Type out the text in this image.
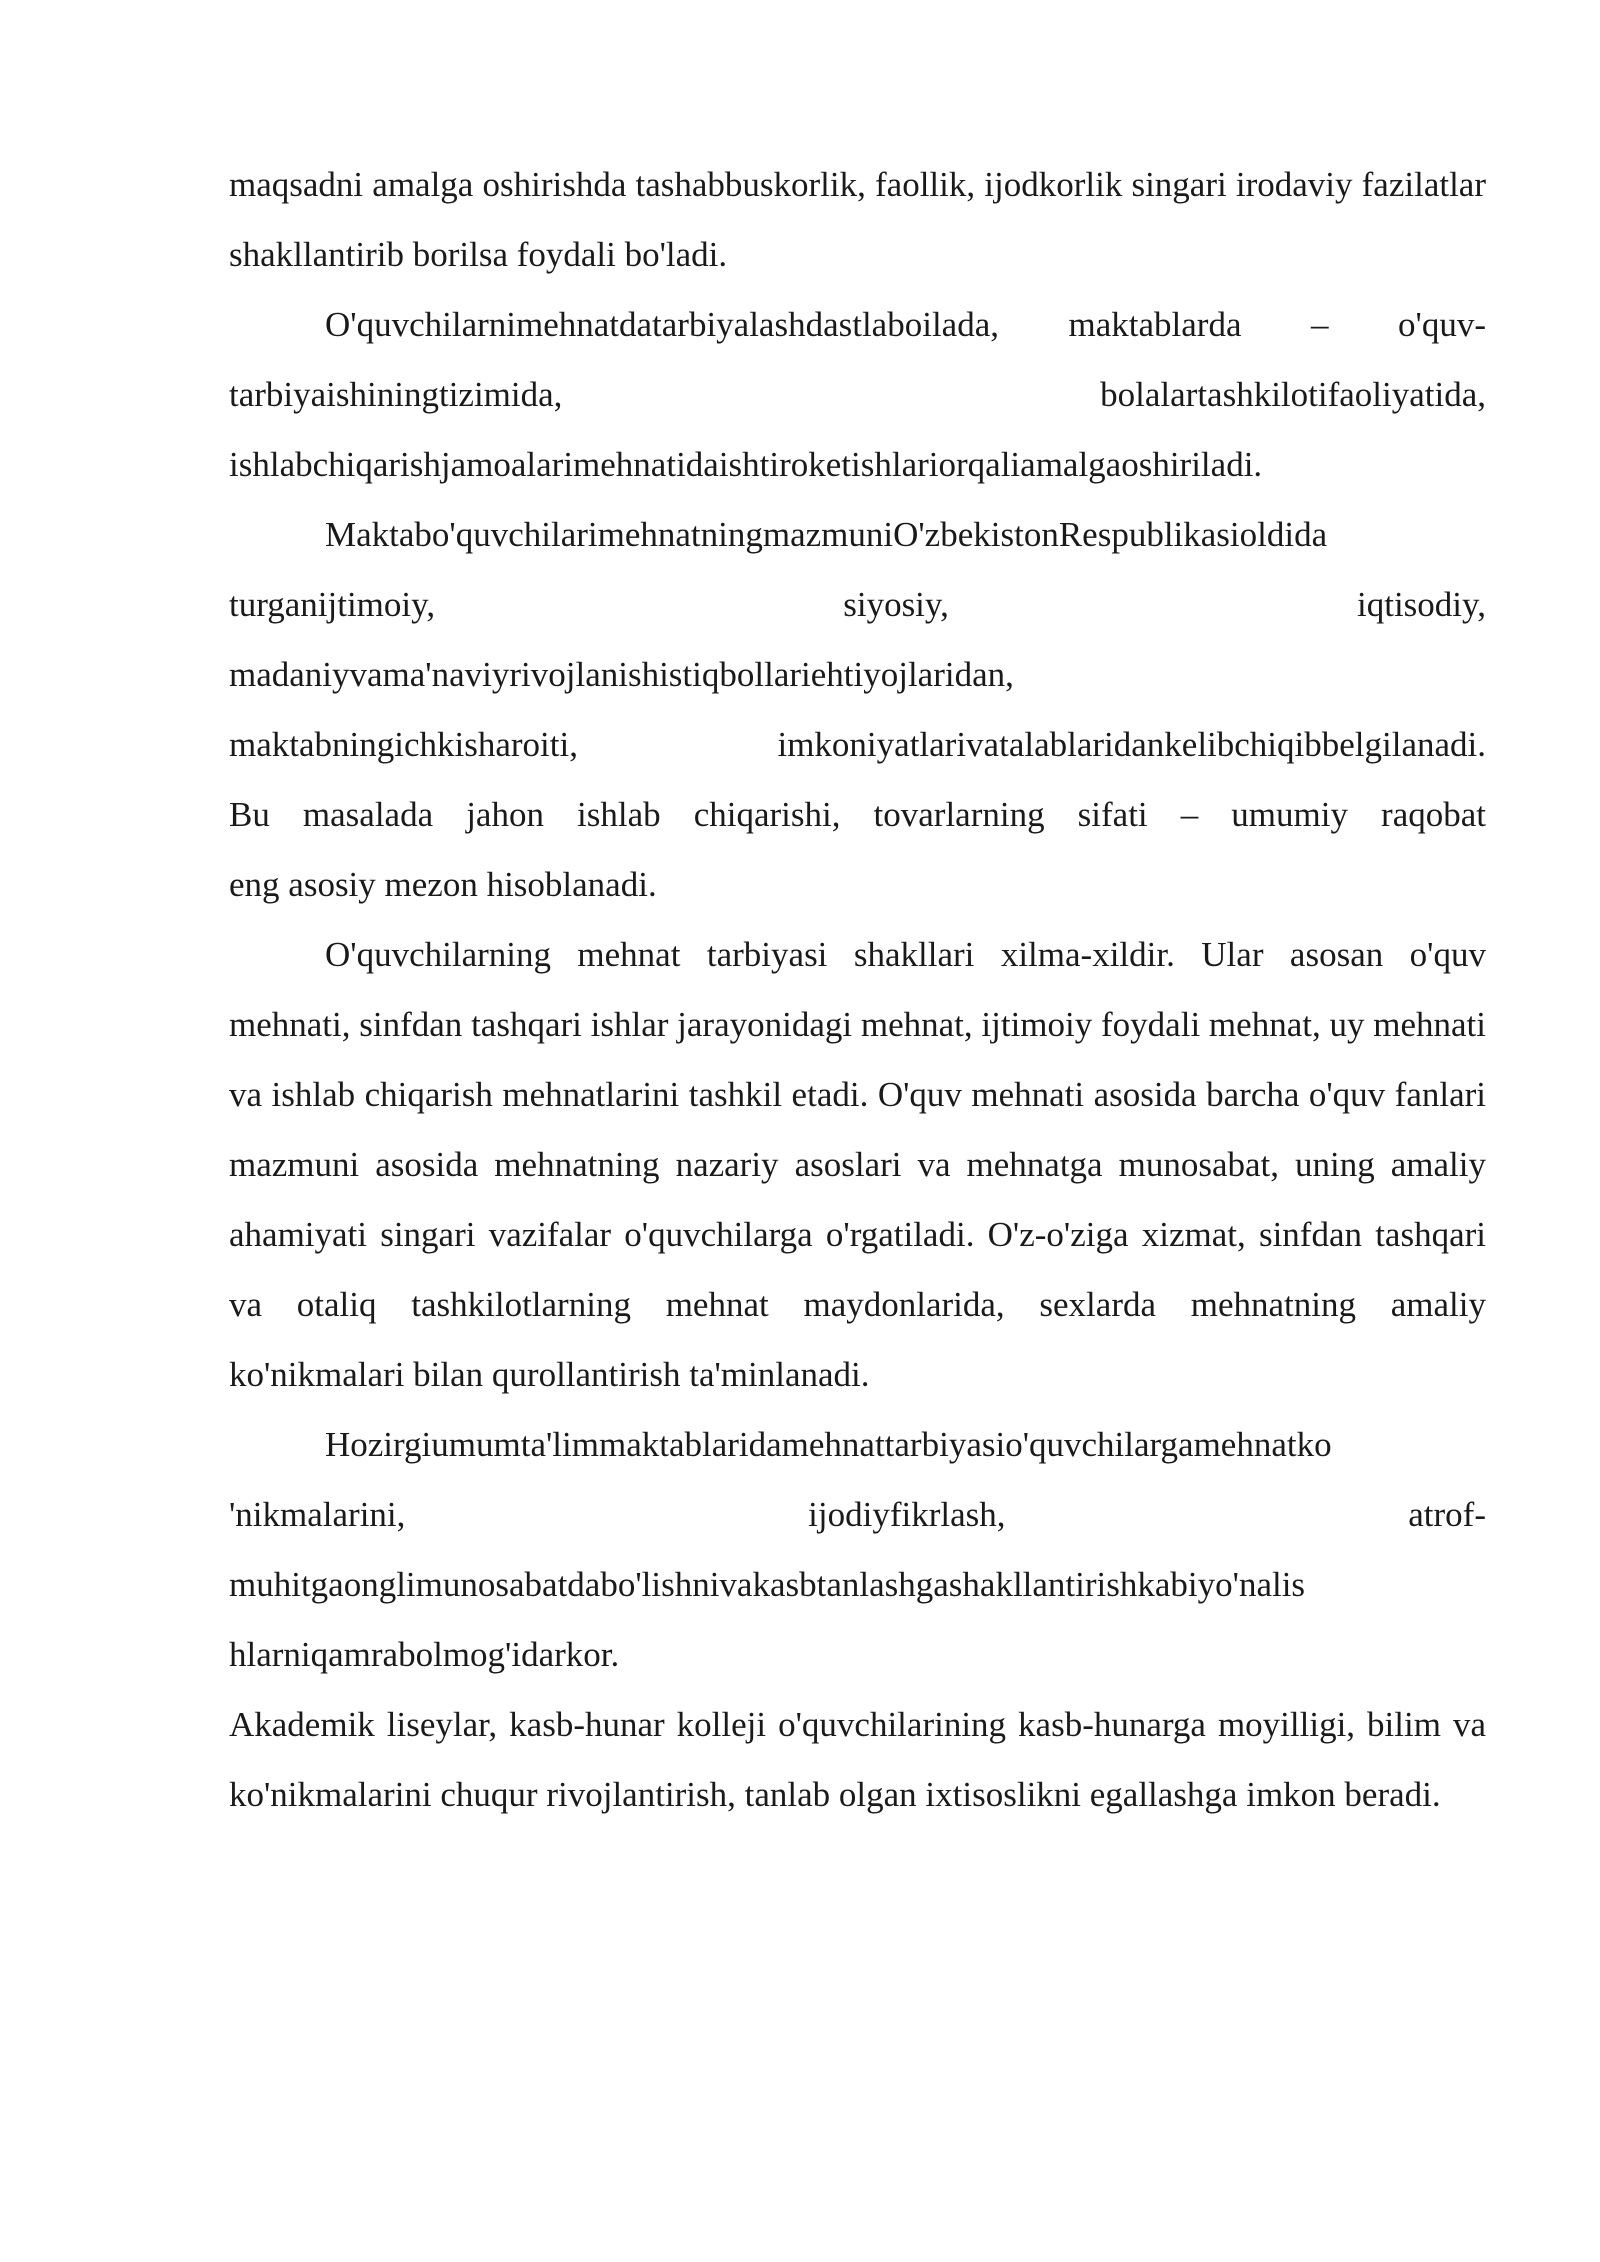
maqsadni amalga oshirishda tashabbuskorlik, faollik, ijodkorlik singari irodaviy fazilatlar shakllantirib borilsa foydali bo'ladi.

O'quvchilarnimehnatdatarbiyalashdastlaboilada, maktablarda – o'quv-
tarbiyaishiningtizimida, bolalartashkilotifaoliyatida,
ishlabchiqarishjamoalarimehnatidaishtiroketishlariorqaliamalgaoshiriladi.

Maktabo'quvchilarimehnatningmazmuniO'zbekistonRespublikasioldida
turganijtimoiy, siyosiy, iqtisodiy,
madaniyvama'naviyrivojlanishistiqbollariehtiyojlaridan,
maktabningichkisharoiti, imkoniyatlarivatalablaridankelibchiqibbelgilanadi.
Bu masalada jahon ishlab chiqarishi, tovarlarning sifati – umumiy raqobat
eng asosiy mezon hisoblanadi.

O'quvchilarning mehnat tarbiyasi shakllari xilma-xildir. Ular asosan o'quv mehnati, sinfdan tashqari ishlar jarayonidagi mehnat, ijtimoiy foydali mehnat, uy mehnati va ishlab chiqarish mehnatlarini tashkil etadi. O'quv mehnati asosida barcha o'quv fanlari mazmuni asosida mehnatning nazariy asoslari va mehnatga munosabat, uning amaliy ahamiyati singari vazifalar o'quvchilarga o'rgatiladi. O'z-o'ziga xizmat, sinfdan tashqari va otaliq tashkilotlarning mehnat maydonlarida, sexlarda mehnatning amaliy ko'nikmalari bilan qurollantirish ta'minlanadi.

Hozirgiumumta'limmaktablaridamehnattarbiyasio'quvchilargamehnatko
'nikmalarini, ijodiyfikrlash, atrof-
muhitgaonglimunosabatdabo'lishnivakasbtanlashgashakllantirishkabiyo'nalis
hlarniqamrabolmog'idarkor.

Akademik liseylar, kasb-hunar kolleji o'quvchilarining kasb-hunarga moyilligi, bilim va ko'nikmalarini chuqur rivojlantirish, tanlab olgan ixtisoslikni egallashga imkon beradi.
